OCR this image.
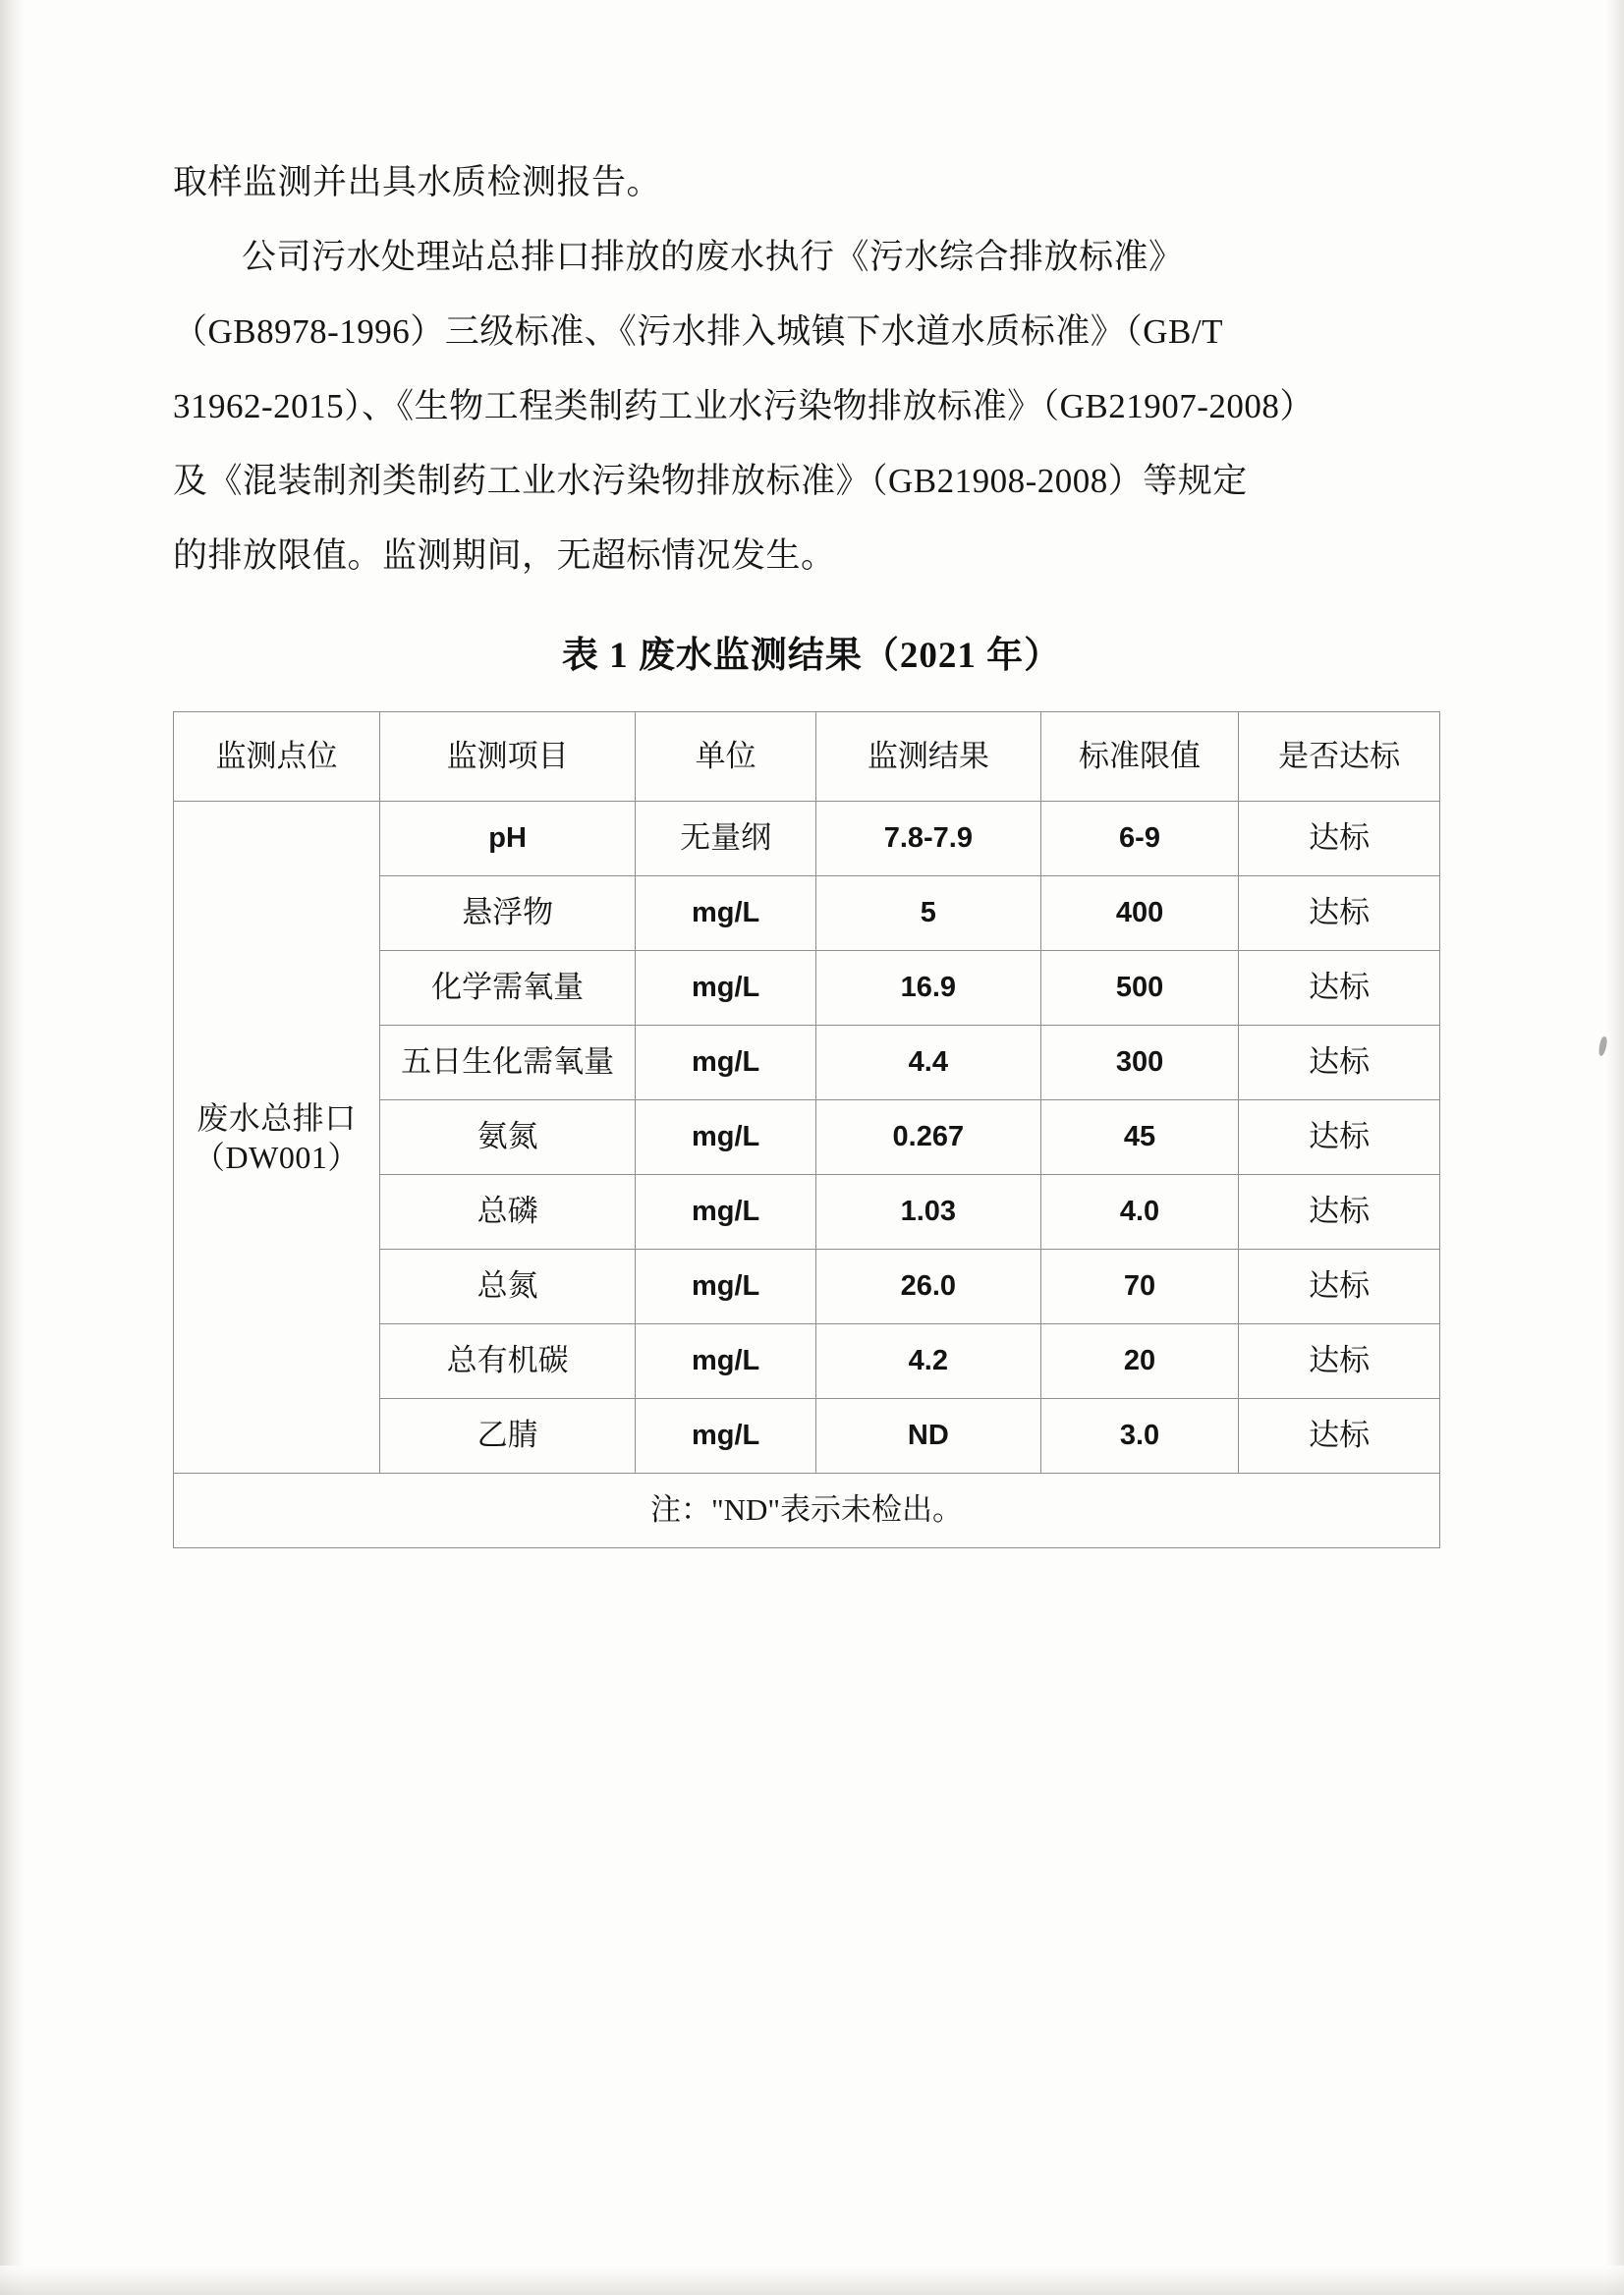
取样监测并出具水质检测报告。

公司污水处理站总排口排放的废水执行《污水综合排放标准》

（GB8978-1996）三级标准、《污水排入城镇下水道水质标准》（GB/T

31962-2015）、《生物工程类制药工业水污染物排放标准》（GB21907-2008）

及《混装制剂类制药工业水污染物排放标准》（GB21908-2008）等规定

的排放限值。监测期间，无超标情况发生。

表 1 废水监测结果（2021 年）
监测点位	监测项目	单位	监测结果	标准限值	是否达标

废水总排口
（DW001）	pH	无量纲	7.8-7.9	6-9	达标
	悬浮物	mg/L	5	400	达标
	化学需氧量	mg/L	16.9	500	达标
	五日生化需氧量	mg/L	4.4	300	达标
	氨氮	mg/L	0.267	45	达标
	总磷	mg/L	1.03	4.0	达标
	总氮	mg/L	26.0	70	达标
	总有机碳	mg/L	4.2	20	达标
	乙腈	mg/L	ND	3.0	达标
注："ND"表示未检出。					
